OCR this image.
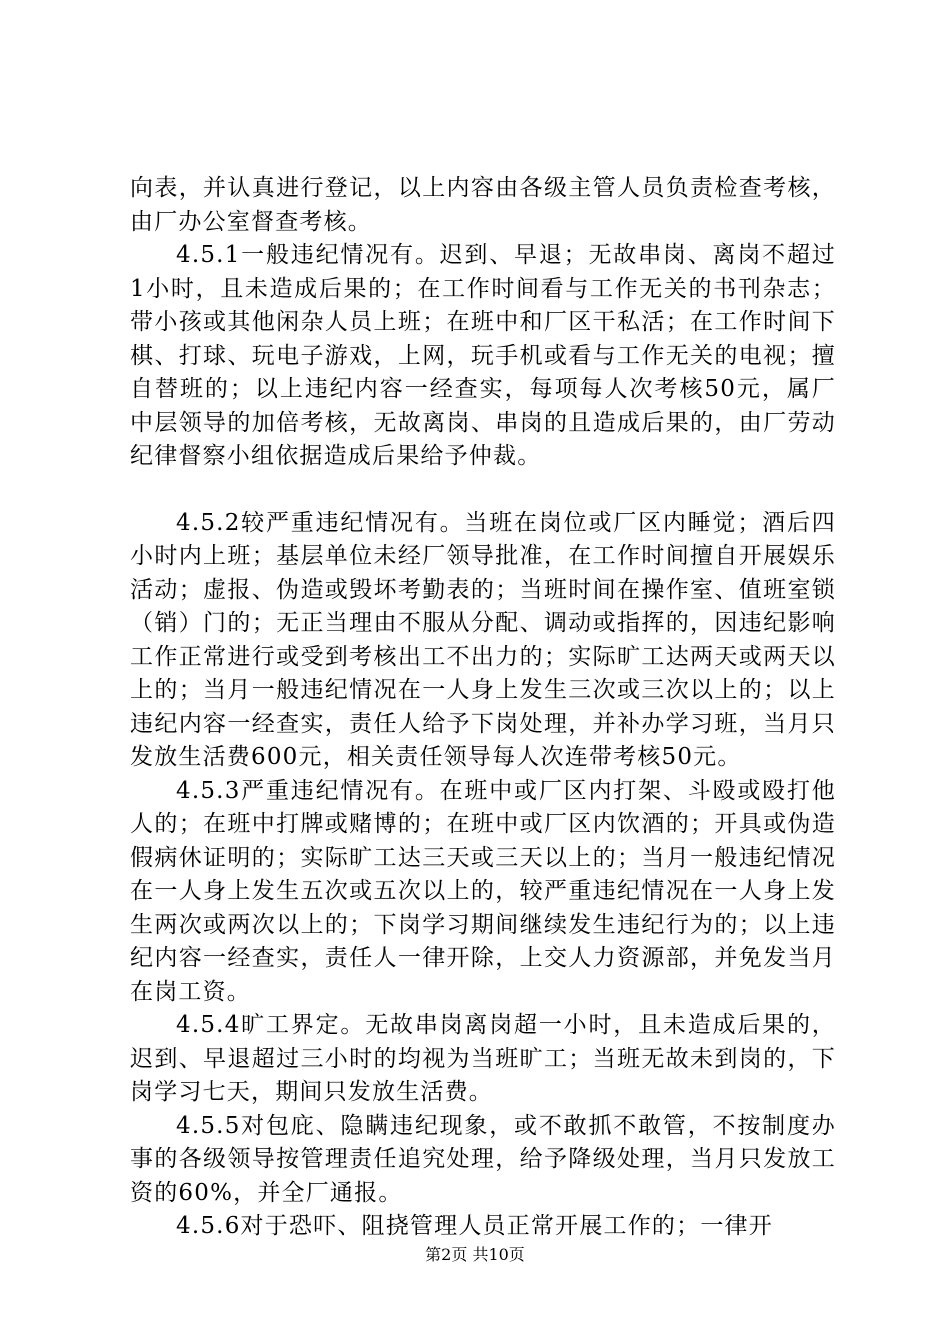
向表，并认真进行登记，以上内容由各级主管人员负责检查考核，由厂办公室督查考核。

4.5.1一般违纪情况有。迟到、早退；无故串岗、离岗不超过1小时，且未造成后果的；在工作时间看与工作无关的书刊杂志；带小孩或其他闲杂人员上班；在班中和厂区干私活；在工作时间下棋、打球、玩电子游戏，上网，玩手机或看与工作无关的电视；擅自替班的；以上违纪内容一经查实，每项每人次考核50元，属厂中层领导的加倍考核，无故离岗、串岗的且造成后果的，由厂劳动纪律督察小组依据造成后果给予仲裁。

4.5.2较严重违纪情况有。当班在岗位或厂区内睡觉；酒后四小时内上班；基层单位未经厂领导批准，在工作时间擅自开展娱乐活动；虚报、伪造或毁坏考勤表的；当班时间在操作室、值班室锁（销）门的；无正当理由不服从分配、调动或指挥的，因违纪影响工作正常进行或受到考核出工不出力的；实际旷工达两天或两天以上的；当月一般违纪情况在一人身上发生三次或三次以上的；以上违纪内容一经查实，责任人给予下岗处理，并补办学习班，当月只发放生活费600元，相关责任领导每人次连带考核50元。

4.5.3严重违纪情况有。在班中或厂区内打架、斗殴或殴打他人的；在班中打牌或赌博的；在班中或厂区内饮酒的；开具或伪造假病休证明的；实际旷工达三天或三天以上的；当月一般违纪情况在一人身上发生五次或五次以上的，较严重违纪情况在一人身上发生两次或两次以上的；下岗学习期间继续发生违纪行为的；以上违纪内容一经查实，责任人一律开除，上交人力资源部，并免发当月在岗工资。

4.5.4旷工界定。无故串岗离岗超一小时，且未造成后果的，迟到、早退超过三小时的均视为当班旷工；当班无故未到岗的，下岗学习七天，期间只发放生活费。

4.5.5对包庇、隐瞒违纪现象，或不敢抓不敢管，不按制度办事的各级领导按管理责任追究处理，给予降级处理，当月只发放工资的60%，并全厂通报。

4.5.6对于恐吓、阻挠管理人员正常开展工作的；一律开

第2页 共10页
